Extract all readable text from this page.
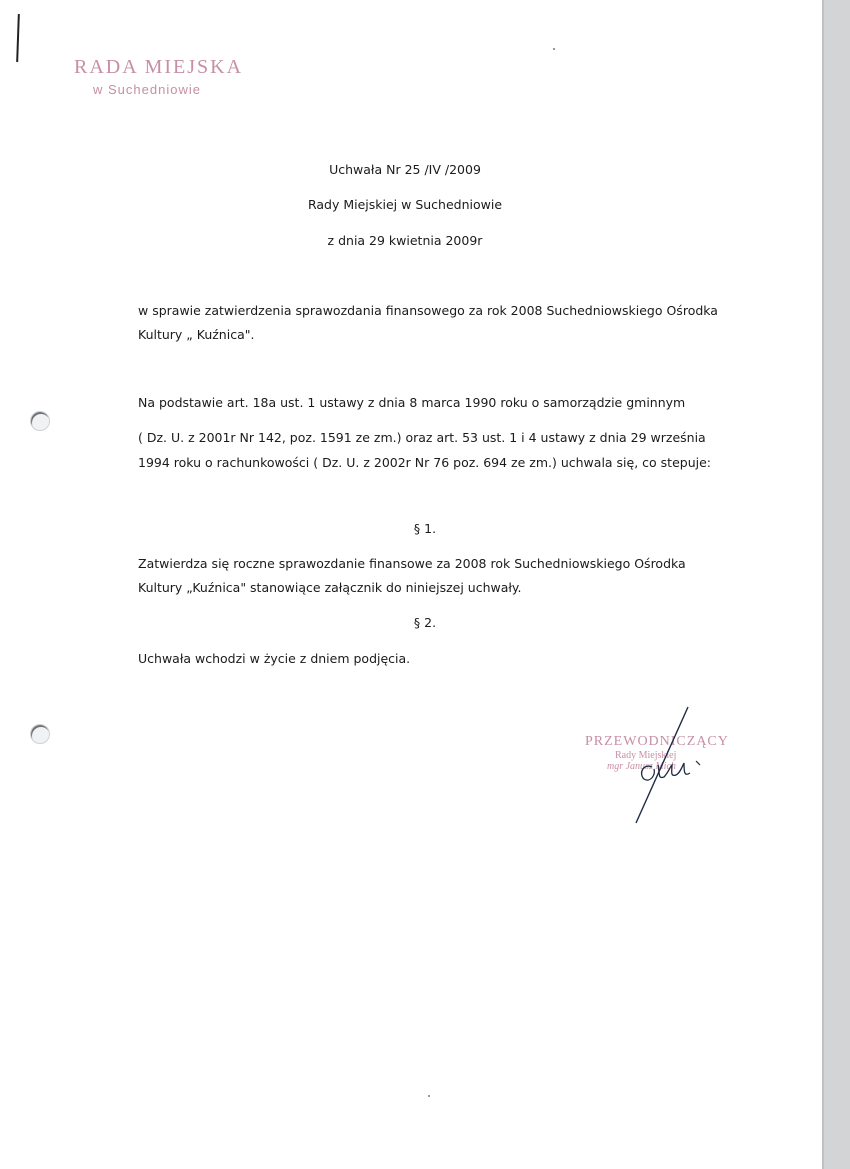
RADA MIEJSKA
w Suchedniowie
Uchwała Nr 25 /IV /2009
Rady Miejskiej w Suchedniowie
z dnia 29 kwietnia 2009r
w sprawie zatwierdzenia sprawozdania finansowego za rok 2008 Suchedniowskiego Ośrodka
Kultury „ Kuźnica".
Na podstawie art. 18a ust. 1 ustawy z dnia 8 marca 1990 roku o samorządzie gminnym
( Dz. U. z 2001r Nr 142, poz. 1591 ze zm.) oraz art. 53 ust. 1 i 4 ustawy z dnia 29 września
1994 roku o rachunkowości ( Dz. U. z 2002r Nr 76 poz. 694 ze zm.) uchwala się, co stepuje:
§ 1.
Zatwierdza się roczne sprawozdanie finansowe za 2008 rok Suchedniowskiego Ośrodka
Kultury „Kuźnica" stanowiące załącznik do niniejszej uchwały.
§ 2.
Uchwała wchodzi w życie z dniem podjęcia.
PRZEWODNICZĄCY
Rady Miejskiej
mgr Janusz Mich
